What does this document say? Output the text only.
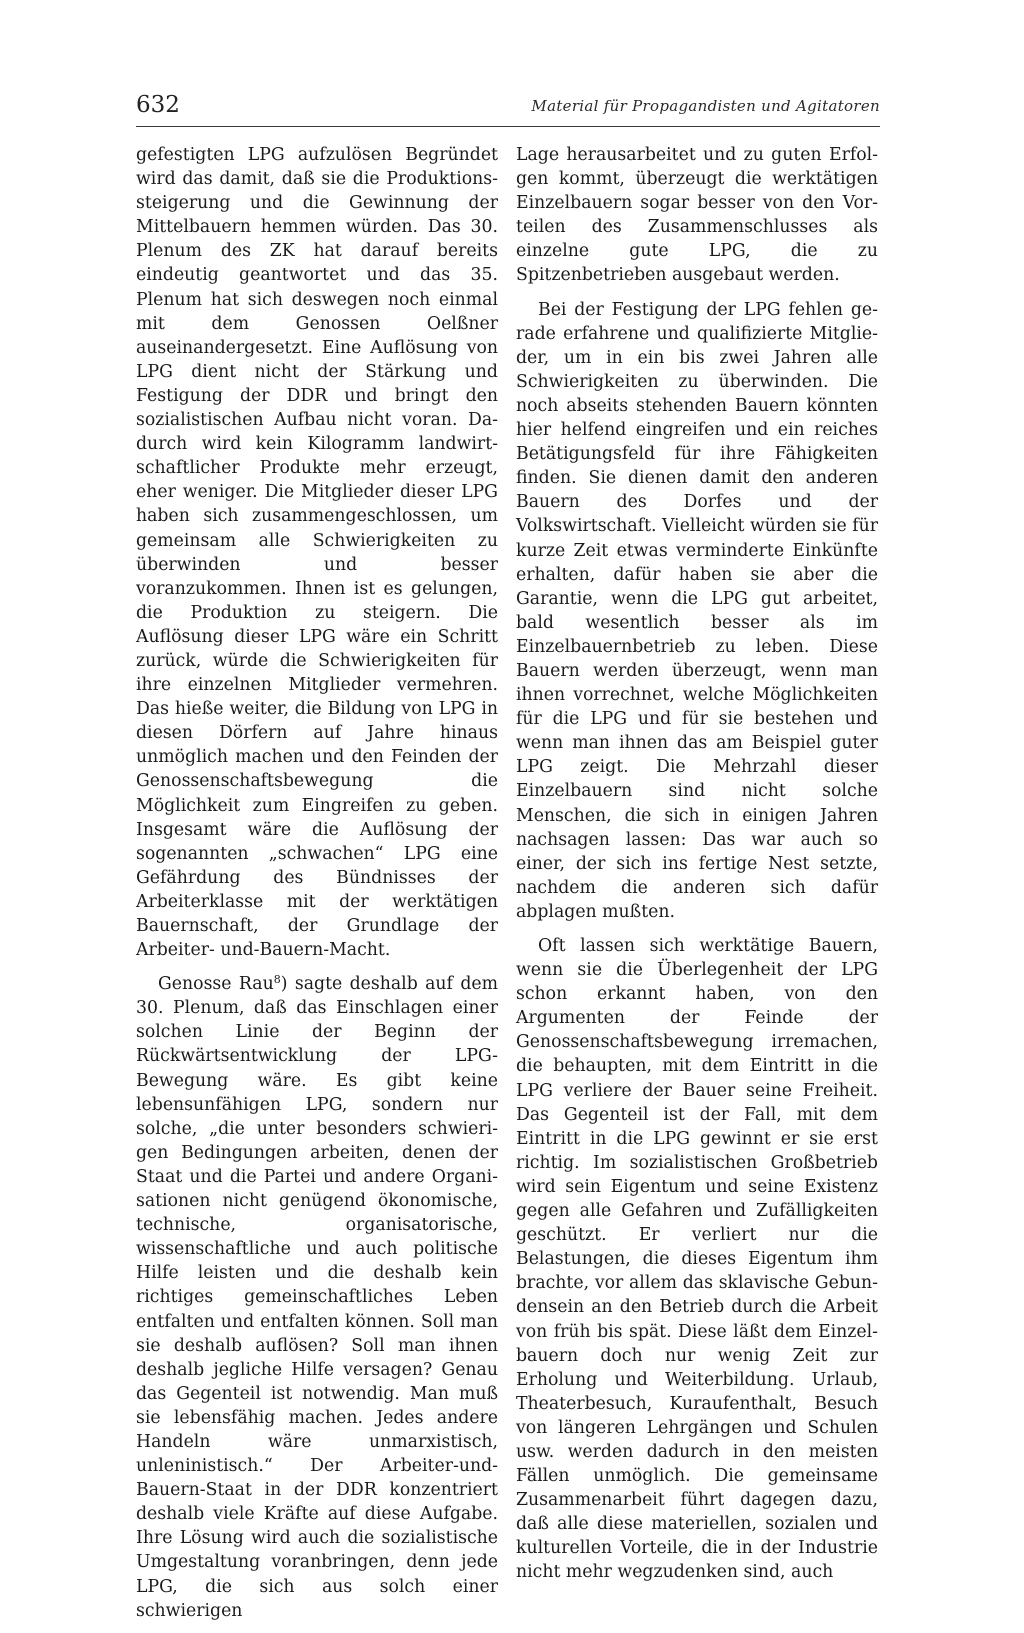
632	Material für Propagandisten und Agitatoren

gefestigten LPG aufzulösen Begründet wird das damit, daß sie die Produktionssteigerung und die Gewinnung der Mittelbauern hemmen würden. Das 30. Plenum des ZK hat darauf bereits eindeutig geantwortet und das 35. Plenum hat sich deswegen noch einmal mit dem Genossen Oelßner auseinandergesetzt. Eine Auflösung von LPG dient nicht der Stärkung und Festigung der DDR und bringt den sozialistischen Aufbau nicht voran. Dadurch wird kein Kilogramm landwirtschaftlicher Produkte mehr erzeugt, eher weniger. Die Mitglieder dieser LPG haben sich zusammengeschlossen, um gemeinsam alle Schwierigkeiten zu überwinden und besser voranzukommen. Ihnen ist es gelungen, die Produktion zu steigern. Die Auflösung dieser LPG wäre ein Schritt zurück, würde die Schwierigkeiten für ihre einzelnen Mitglieder vermehren. Das hieße weiter, die Bildung von LPG in diesen Dörfern auf Jahre hinaus unmöglich machen und den Feinden der Genossenschaftsbewegung die Möglichkeit zum Eingreifen zu geben. Insgesamt wäre die Auflösung der sogenannten „schwachen“ LPG eine Gefährdung des Bündnisses der Arbeiterklasse mit der werktätigen Bauernschaft, der Grundlage der Arbeiter- und-Bauern-Macht.

Genosse Rau$^8$) sagte deshalb auf dem 30. Plenum, daß das Einschlagen einer solchen Linie der Beginn der Rückwärtsentwicklung der LPG-Bewegung wäre. Es gibt keine lebensunfähigen LPG, sondern nur solche, „die unter besonders schwierigen Bedingungen arbeiten, denen der Staat und die Partei und andere Organisationen nicht genügend ökonomische, technische, organisatorische, wissenschaftliche und auch politische Hilfe leisten und die deshalb kein richtiges gemeinschaftliches Leben entfalten und entfalten können. Soll man sie deshalb auflösen? Soll man ihnen deshalb jegliche Hilfe versagen? Genau das Gegenteil ist notwendig. Man muß sie lebensfähig machen. Jedes andere Handeln wäre unmarxistisch, unleninistisch.“ Der Arbeiter-und-Bauern-Staat in der DDR konzentriert deshalb viele Kräfte auf diese Aufgabe. Ihre Lösung wird auch die sozialistische Umgestaltung voranbringen, denn jede LPG, die sich aus solch einer schwierigen

Lage herausarbeitet und zu guten Erfolgen kommt, überzeugt die werktätigen Einzelbauern sogar besser von den Vorteilen des Zusammenschlusses als einzelne gute LPG, die zu Spitzenbetrieben ausgebaut werden.

Bei der Festigung der LPG fehlen gerade erfahrene und qualifizierte Mitglieder, um in ein bis zwei Jahren alle Schwierigkeiten zu überwinden. Die noch abseits stehenden Bauern könnten hier helfend eingreifen und ein reiches Betätigungsfeld für ihre Fähigkeiten finden. Sie dienen damit den anderen Bauern des Dorfes und der Volkswirtschaft. Vielleicht würden sie für kurze Zeit etwas verminderte Einkünfte erhalten, dafür haben sie aber die Garantie, wenn die LPG gut arbeitet, bald wesentlich besser als im Einzelbauernbetrieb zu leben. Diese Bauern werden überzeugt, wenn man ihnen vorrechnet, welche Möglichkeiten für die LPG und für sie bestehen und wenn man ihnen das am Beispiel guter LPG zeigt. Die Mehrzahl dieser Einzelbauern sind nicht solche Menschen, die sich in einigen Jahren nachsagen lassen: Das war auch so einer, der sich ins fertige Nest setzte, nachdem die anderen sich dafür abplagen mußten.

Oft lassen sich werktätige Bauern, wenn sie die Überlegenheit der LPG schon erkannt haben, von den Argumenten der Feinde der Genossenschaftsbewegung irremachen, die behaupten, mit dem Eintritt in die LPG verliere der Bauer seine Freiheit. Das Gegenteil ist der Fall, mit dem Eintritt in die LPG gewinnt er sie erst richtig. Im sozialistischen Großbetrieb wird sein Eigentum und seine Existenz gegen alle Gefahren und Zufälligkeiten geschützt. Er verliert nur die Belastungen, die dieses Eigentum ihm brachte, vor allem das sklavische Gebundensein an den Betrieb durch die Arbeit von früh bis spät. Diese läßt dem Einzelbauern doch nur wenig Zeit zur Erholung und Weiterbildung. Urlaub, Theaterbesuch, Kuraufenthalt, Besuch von längeren Lehrgängen und Schulen usw. werden dadurch in den meisten Fällen unmöglich. Die gemeinsame Zusammenarbeit führt dagegen dazu, daß alle diese materiellen, sozialen und kulturellen Vorteile, die in der Industrie nicht mehr wegzudenken sind, auch
